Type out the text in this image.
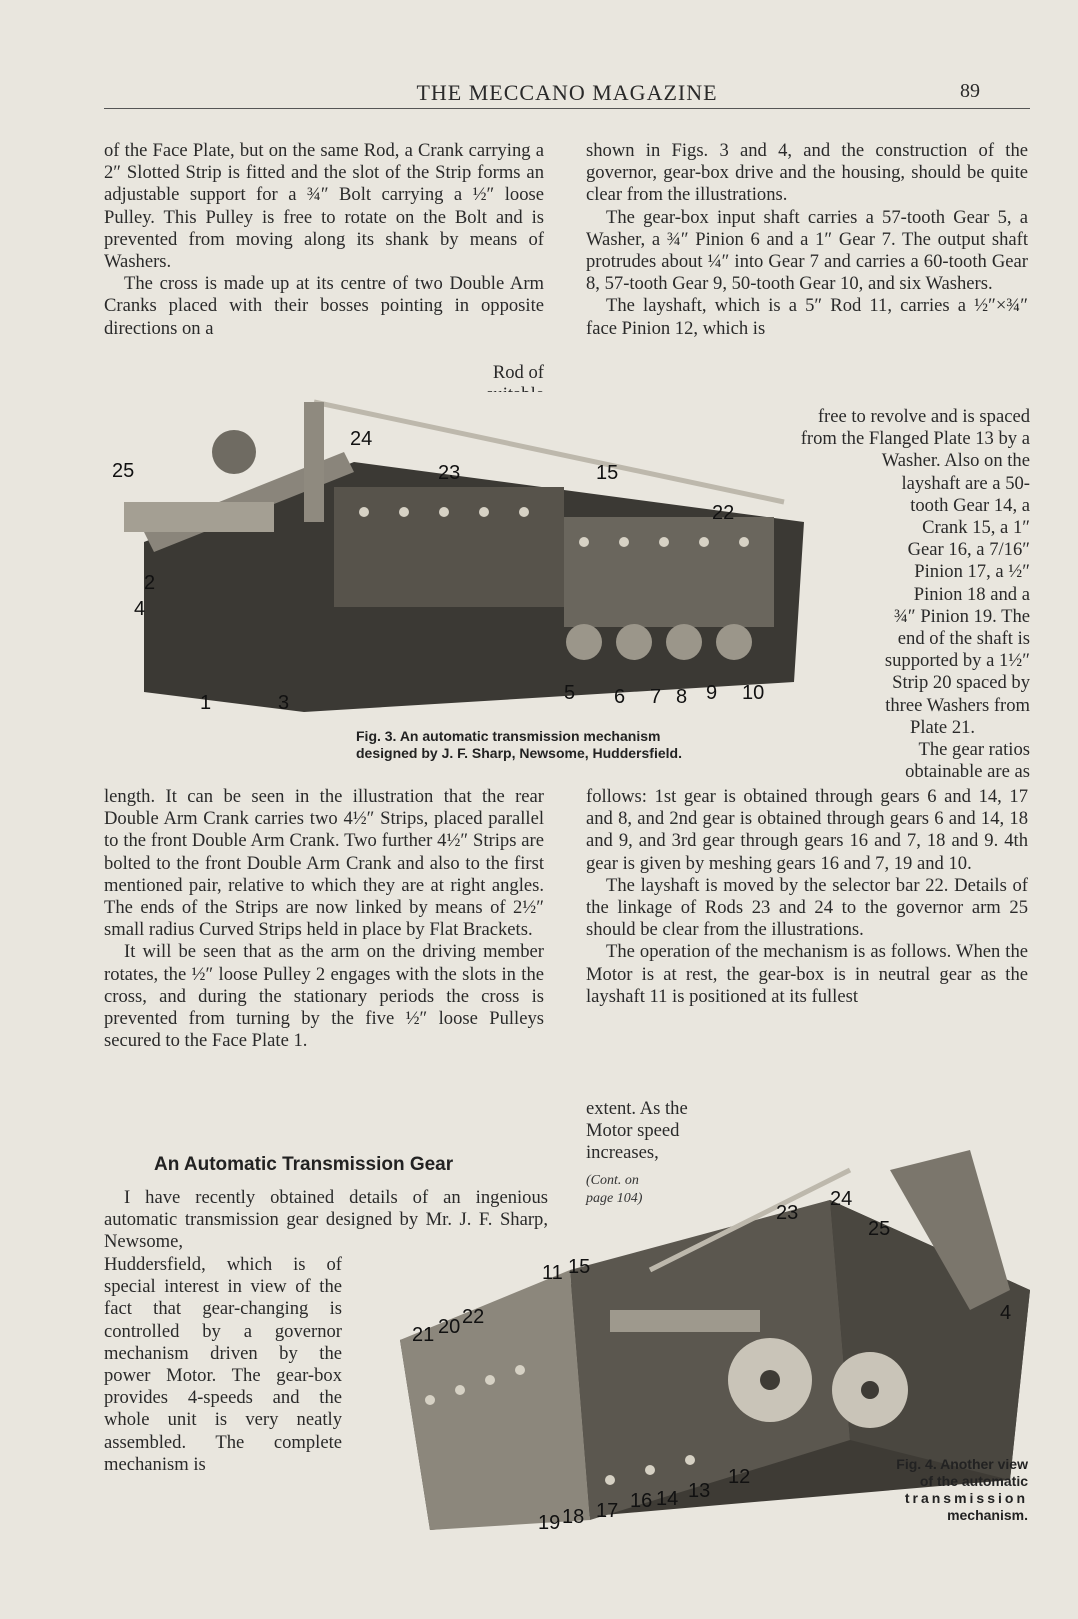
THE MECCANO MAGAZINE	89

of the Face Plate, but on the same Rod, a Crank carrying a 2″ Slotted Strip is fitted and the slot of the Strip forms an adjustable support for a ¾″ Bolt carrying a ½″ loose Pulley. This Pulley is free to rotate on the Bolt and is prevented from moving along its shank by means of Washers.

The cross is made up at its centre of two Double Arm Cranks placed with their bosses pointing in opposite directions on a

Rod of
25
24
23	15
22
2
4
1	3	5 6 7 8 9 10
Fig. 3. An automatic transmission mechanism
designed by J. F. Sharp, Newsome, Huddersfield.

shown in Figs. 3 and 4, and the construction of the governor, gear-box drive and the housing, should be quite clear from the illustrations.

The gear-box input shaft carries a 57-tooth Gear 5, a Washer, a ¾″ Pinion 6 and a 1″ Gear 7. The output shaft protrudes about ¼″ into Gear 7 and carries a 60-tooth Gear 8, 57-tooth Gear 9, 50-tooth Gear 10, and six Washers.

The layshaft, which is a 5″ Rod 11, carries a ½″×¾″ face Pinion 12, which is

free to revolve and is spaced
from the Flanged Plate 13 by a
Washer. Also on the
layshaft are a 50-
tooth Gear 14, a
Crank 15, a 1″
Gear 16, a 7/16″
Pinion 17, a ½″
Pinion 18 and a
¾″ Pinion 19. The
end of the shaft is
supported by a 1½″
Strip 20 spaced by
three Washers from
Plate 21.
The gear ratios
obtainable are as

length. It can be seen in the illustration that the rear Double Arm Crank carries two 4½″ Strips, placed parallel to the front Double Arm Crank. Two further 4½″ Strips are bolted to the front Double Arm Crank and also to the first mentioned pair, relative to which they are at right angles. The ends of the Strips are now linked by means of 2½″ small radius Curved Strips held in place by Flat Brackets.

It will be seen that as the arm on the driving member rotates, the ½″ loose Pulley 2 engages with the slots in the cross, and during the stationary periods the cross is prevented from turning by the five ½″ loose Pulleys secured to the Face Plate 1.

follows: 1st gear is obtained through gears 6 and 14, 17 and 8, and 2nd gear is obtained through gears 6 and 14, 18 and 9, and 3rd gear through gears 16 and 7, 18 and 9. 4th gear is given by meshing gears 16 and 7, 19 and 10.

The layshaft is moved by the selector bar 22. Details of the linkage of Rods 23 and 24 to the governor arm 25 should be clear from the illustrations.

The operation of the mechanism is as follows. When the Motor is at rest, the gear-box is in neutral gear as the layshaft 11 is positioned at its fullest

extent. As the
Motor speed
increases,
(Cont. on
page 104)
An Automatic Transmission Gear
I have recently obtained details of an ingenious automatic transmission gear designed by Mr. J. F. Sharp, Newsome,
Huddersfield, which is of special interest in view of the fact that gear-changing is controlled by a governor mechanism driven by the power Motor. The gear-box provides 4-speeds and the whole unit is very neatly assembled. The complete mechanism is
23
24
25
4
11 15
21 20 22
12
13
14
16
17
18
19
Fig. 4. Another view
of the automatic
transmission
mechanism.
